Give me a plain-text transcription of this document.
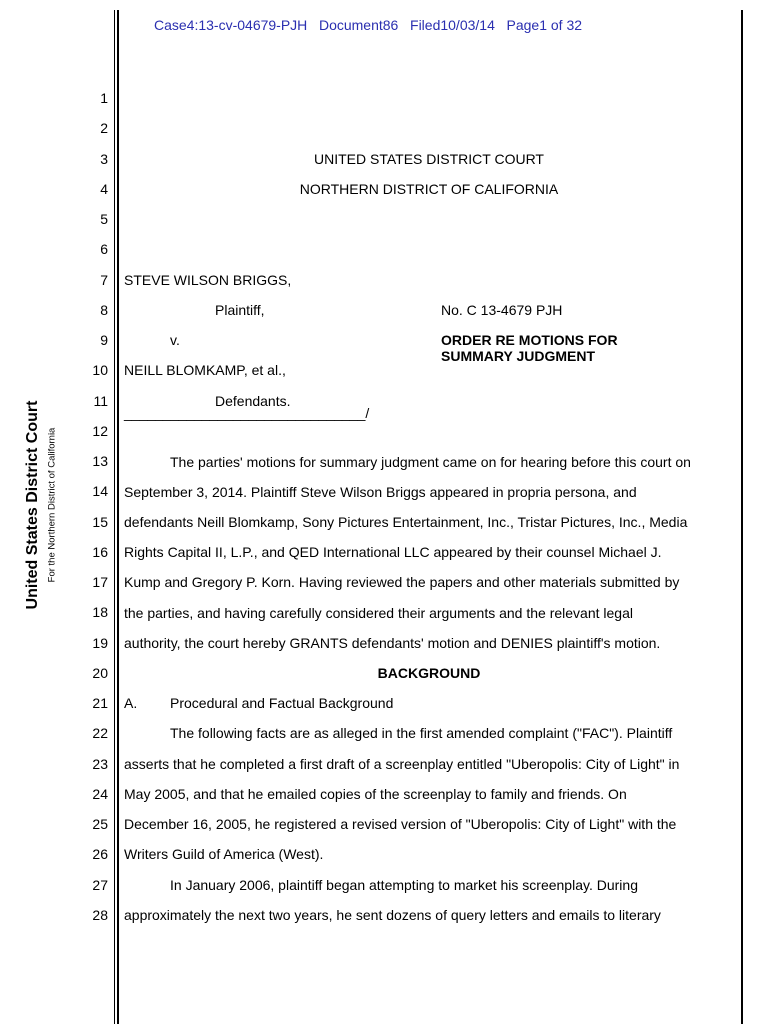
Case4:13-cv-04679-PJH   Document86   Filed10/03/14   Page1 of 32
United States District Court For the Northern District of California
1
2
3
4
5
6
7
8
9
10
11
12
13
14
15
16
17
18
19
20
21
22
23
24
25
26
27
28
UNITED STATES DISTRICT COURT
NORTHERN DISTRICT OF CALIFORNIA
STEVE WILSON BRIGGS,
Plaintiff,	No. C 13-4679 PJH
v.	ORDER RE MOTIONS FOR
SUMMARY JUDGMENT
NEILL BLOMKAMP, et al.,
Defendants.
_______________________________/
The parties' motions for summary judgment came on for hearing before this court on
September 3, 2014. Plaintiff Steve Wilson Briggs appeared in propria persona, and
defendants Neill Blomkamp, Sony Pictures Entertainment, Inc., Tristar Pictures, Inc., Media
Rights Capital II, L.P., and QED International LLC appeared by their counsel Michael J.
Kump and Gregory P. Korn. Having reviewed the papers and other materials submitted by
the parties, and having carefully considered their arguments and the relevant legal
authority, the court hereby GRANTS defendants' motion and DENIES plaintiff's motion.
BACKGROUND
A. Procedural and Factual Background
The following facts are as alleged in the first amended complaint ("FAC"). Plaintiff
asserts that he completed a first draft of a screenplay entitled "Uberopolis: City of Light" in
May 2005, and that he emailed copies of the screenplay to family and friends. On
December 16, 2005, he registered a revised version of "Uberopolis: City of Light" with the
Writers Guild of America (West).
In January 2006, plaintiff began attempting to market his screenplay. During
approximately the next two years, he sent dozens of query letters and emails to literary
